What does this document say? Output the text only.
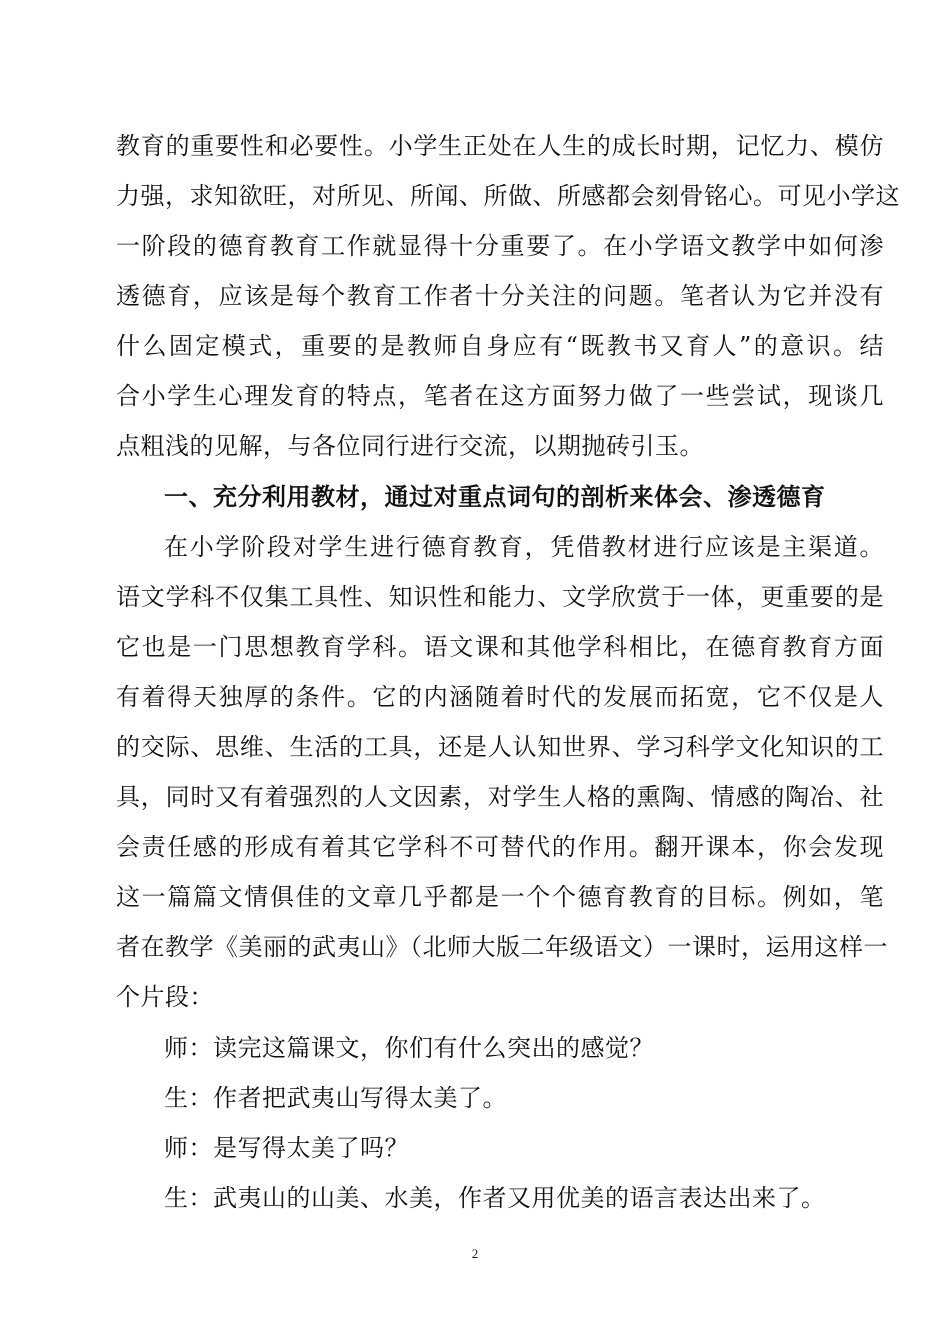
教育的重要性和必要性。小学生正处在人生的成长时期，记忆力、模仿
力强，求知欲旺，对所见、所闻、所做、所感都会刻骨铭心。可见小学这
一阶段的德育教育工作就显得十分重要了。在小学语文教学中如何渗
透德育，应该是每个教育工作者十分关注的问题。笔者认为它并没有
什么固定模式，重要的是教师自身应有“既教书又育人”的意识。结
合小学生心理发育的特点，笔者在这方面努力做了一些尝试，现谈几
点粗浅的见解，与各位同行进行交流，以期抛砖引玉。
一、充分利用教材，通过对重点词句的剖析来体会、渗透德育
在小学阶段对学生进行德育教育，凭借教材进行应该是主渠道。
语文学科不仅集工具性、知识性和能力、文学欣赏于一体，更重要的是
它也是一门思想教育学科。语文课和其他学科相比，在德育教育方面
有着得天独厚的条件。它的内涵随着时代的发展而拓宽，它不仅是人
的交际、思维、生活的工具，还是人认知世界、学习科学文化知识的工
具，同时又有着强烈的人文因素，对学生人格的熏陶、情感的陶冶、社
会责任感的形成有着其它学科不可替代的作用。翻开课本，你会发现
这一篇篇文情俱佳的文章几乎都是一个个德育教育的目标。例如，笔
者在教学《美丽的武夷山》（北师大版二年级语文）一课时，运用这样一
个片段：
师：读完这篇课文，你们有什么突出的感觉？
生：作者把武夷山写得太美了。
师：是写得太美了吗？
生：武夷山的山美、水美，作者又用优美的语言表达出来了。
2
